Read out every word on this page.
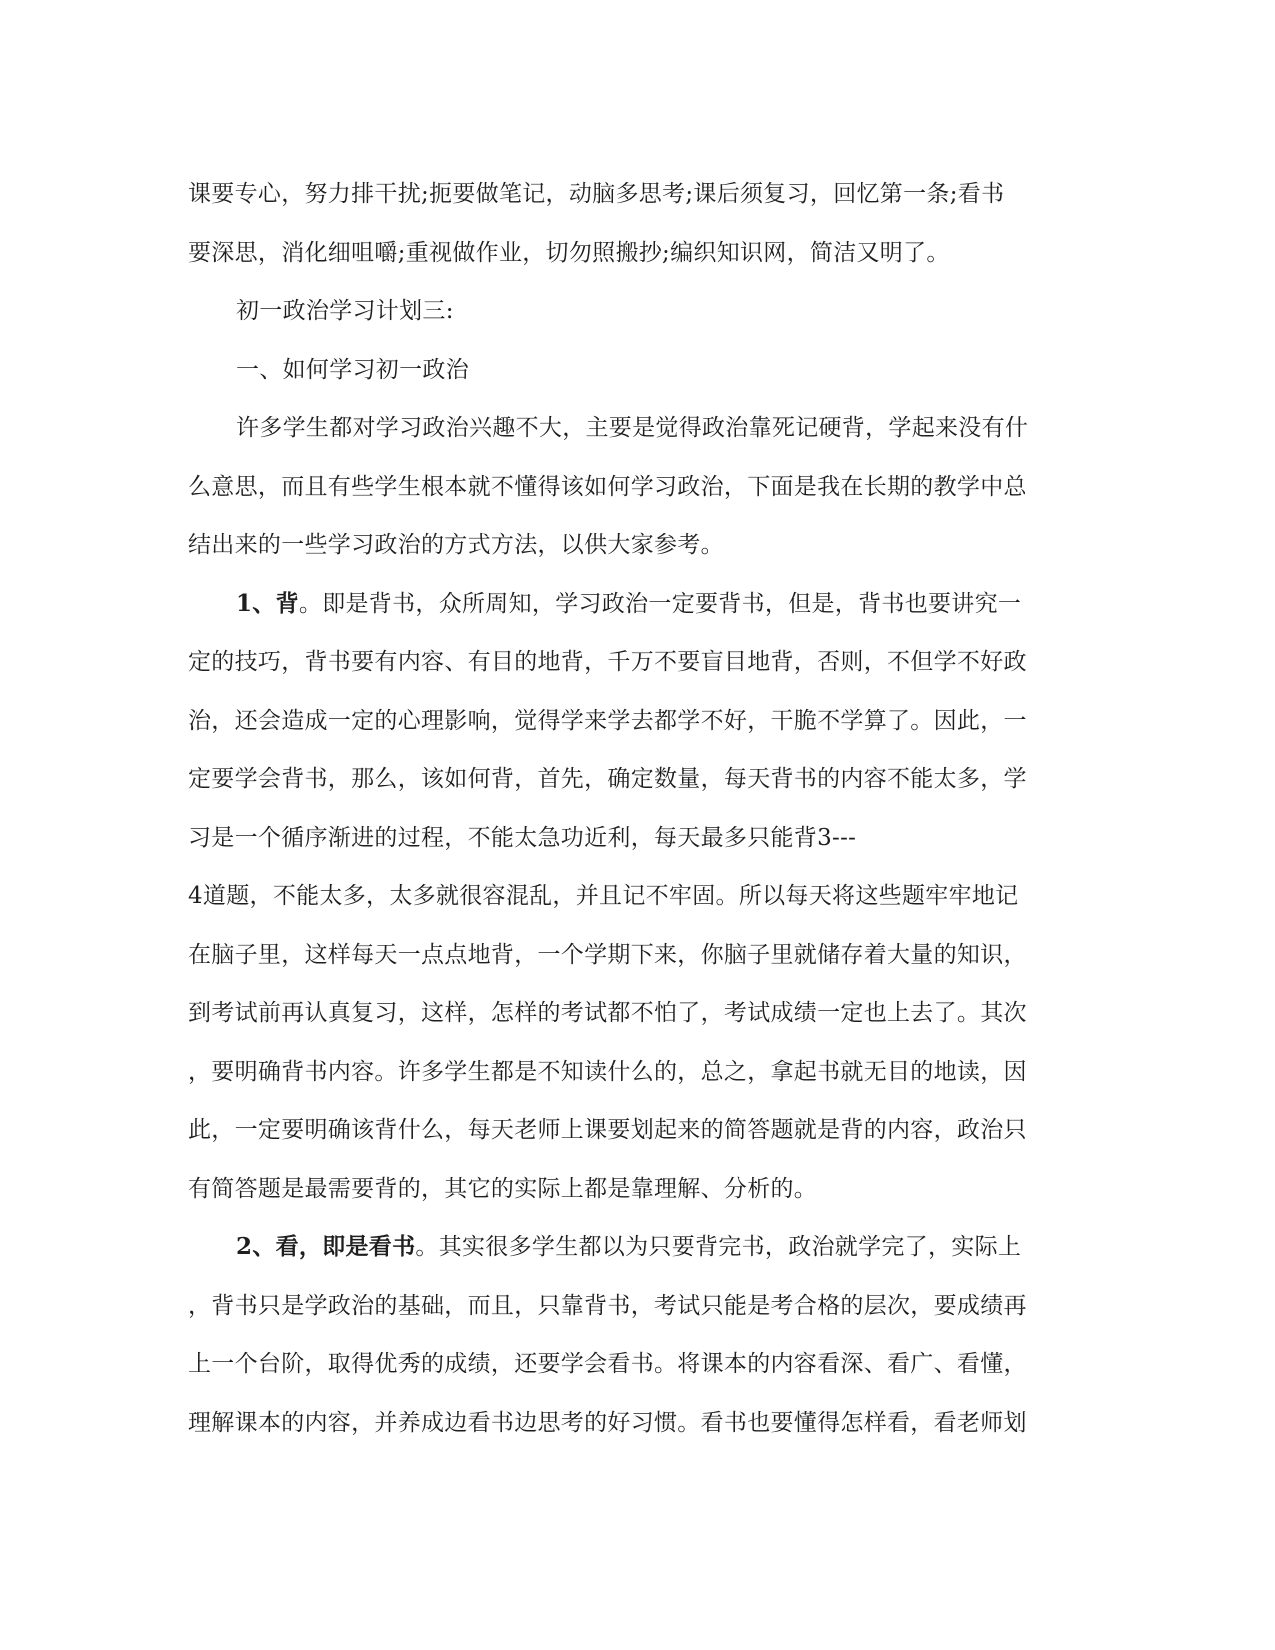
课要专心，努力排干扰;扼要做笔记，动脑多思考;课后须复习，回忆第一条;看书
要深思，消化细咀嚼;重视做作业，切勿照搬抄;编织知识网，简洁又明了。
初一政治学习计划三:
一、如何学习初一政治
许多学生都对学习政治兴趣不大，主要是觉得政治靠死记硬背，学起来没有什
么意思，而且有些学生根本就不懂得该如何学习政治，下面是我在长期的教学中总
结出来的一些学习政治的方式方法，以供大家参考。
1、背。即是背书，众所周知，学习政治一定要背书，但是，背书也要讲究一
定的技巧，背书要有内容、有目的地背，千万不要盲目地背，否则，不但学不好政
治，还会造成一定的心理影响，觉得学来学去都学不好，干脆不学算了。因此，一
定要学会背书，那么，该如何背，首先，确定数量，每天背书的内容不能太多，学
习是一个循序渐进的过程，不能太急功近利，每天最多只能背3---
4道题，不能太多，太多就很容混乱，并且记不牢固。所以每天将这些题牢牢地记
在脑子里，这样每天一点点地背，一个学期下来，你脑子里就储存着大量的知识，
到考试前再认真复习，这样，怎样的考试都不怕了，考试成绩一定也上去了。其次
，要明确背书内容。许多学生都是不知读什么的，总之，拿起书就无目的地读，因
此，一定要明确该背什么，每天老师上课要划起来的简答题就是背的内容，政治只
有简答题是最需要背的，其它的实际上都是靠理解、分析的。
2、看，即是看书。其实很多学生都以为只要背完书，政治就学完了，实际上
，背书只是学政治的基础，而且，只靠背书，考试只能是考合格的层次，要成绩再
上一个台阶，取得优秀的成绩，还要学会看书。将课本的内容看深、看广、看懂，
理解课本的内容，并养成边看书边思考的好习惯。看书也要懂得怎样看，看老师划
